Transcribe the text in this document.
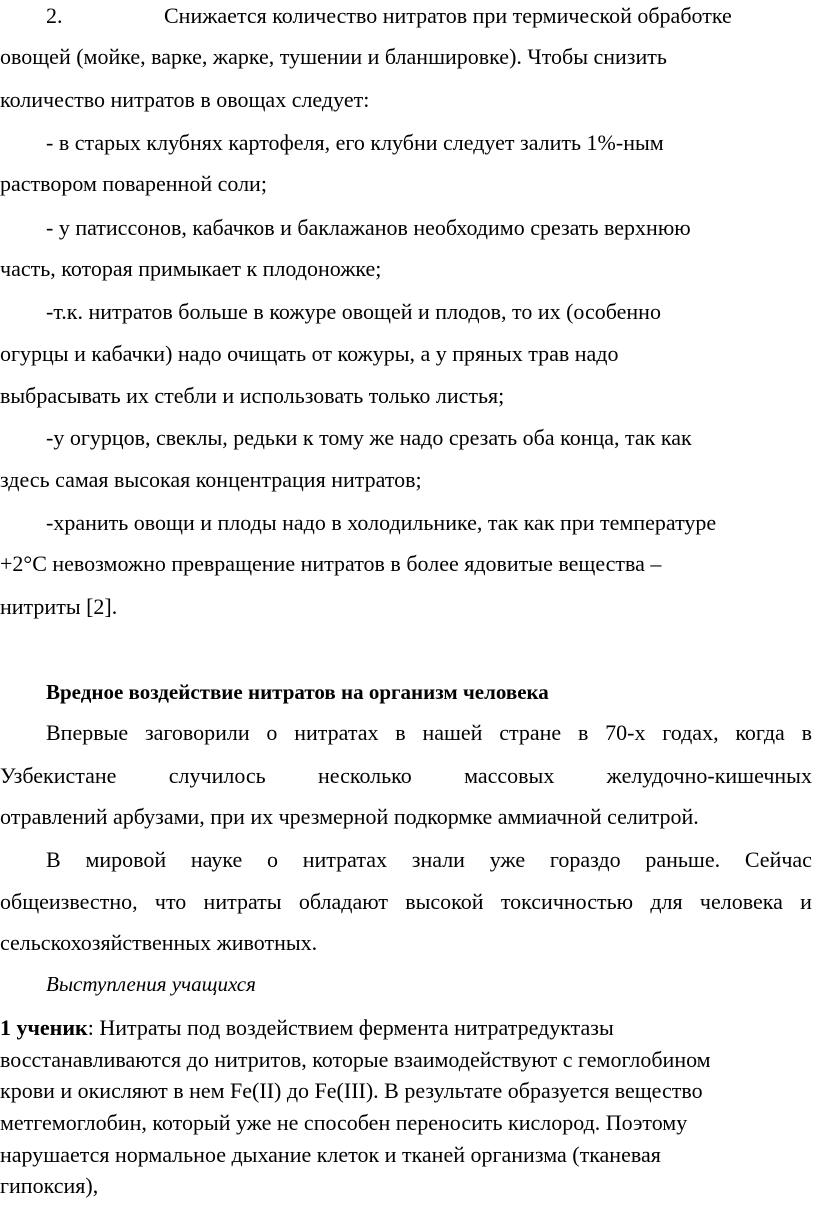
2.	Снижается количество нитратов при термической обработке
овощей (мойке, варке, жарке, тушении и бланшировке). Чтобы снизить
количество нитратов в овощах следует:
- в старых клубнях картофеля, его клубни следует залить 1%-ным
раствором поваренной соли;
- у патиссонов, кабачков и баклажанов необходимо срезать верхнюю
часть, которая примыкает к плодоножке;
-т.к. нитратов больше в кожуре овощей и плодов, то их (особенно
огурцы и кабачки) надо очищать от кожуры, а у пряных трав надо
выбрасывать их стебли и использовать только листья;
-у огурцов, свеклы, редьки к тому же надо срезать оба конца, так как
здесь самая высокая концентрация нитратов;
-хранить овощи и плоды надо в холодильнике, так как при температуре
+2°С невозможно превращение нитратов в более ядовитые вещества –
нитриты [2].
Вредное воздействие нитратов на организм человека
Впервые заговорили о нитратах в нашей стране в 70-х годах, когда в
Узбекистане случилось несколько массовых желудочно-кишечных
отравлений арбузами, при их чрезмерной подкормке аммиачной селитрой.
В мировой науке о нитратах знали уже гораздо раньше. Сейчас
общеизвестно, что нитраты обладают высокой токсичностью для человека и
сельскохозяйственных животных.
Выступления учащихся
1 ученик: Нитраты под воздействием фермента нитратредуктазы
восстанавливаются до нитритов, которые взаимодействуют с гемоглобином
крови и окисляют в нем Fe(II) до Fe(III). В результате образуется вещество
метгемоглобин, который уже не способен переносить кислород. Поэтому
нарушается нормальное дыхание клеток и тканей организма (тканевая
гипоксия),
